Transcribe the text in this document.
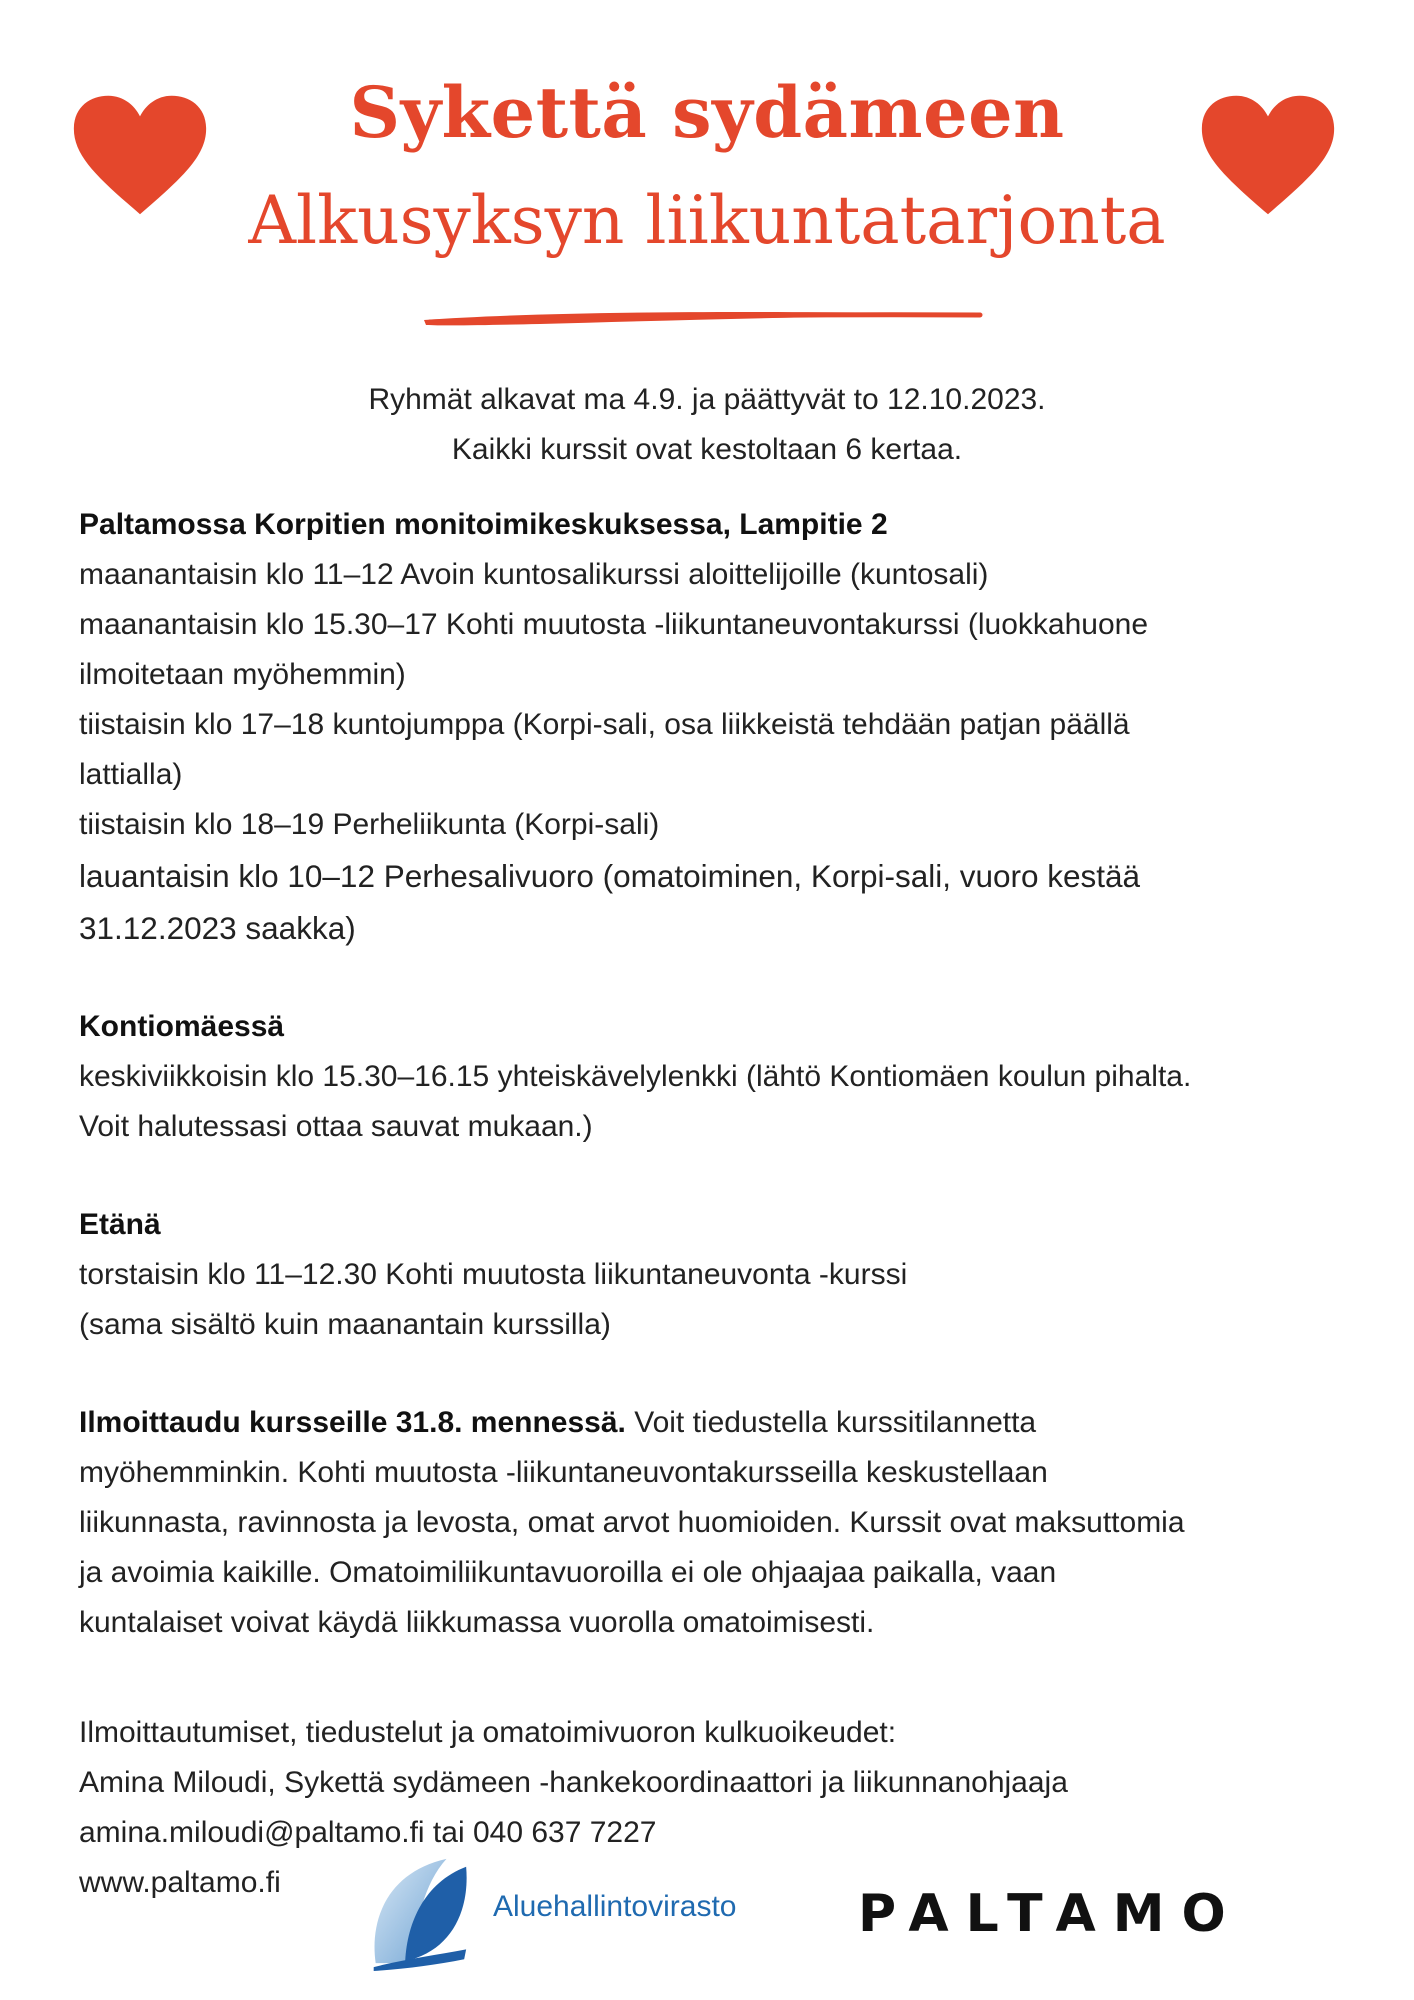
Sykettä sydämeen
Alkusyksyn liikuntatarjonta
Ryhmät alkavat ma 4.9. ja päättyvät to 12.10.2023.
Kaikki kurssit ovat kestoltaan 6 kertaa.

Paltamossa Korpitien monitoimikeskuksessa, Lampitie 2

maanantaisin klo 11–12 Avoin kuntosalikurssi aloittelijoille (kuntosali)

maanantaisin klo 15.30–17 Kohti muutosta -liikuntaneuvontakurssi (luokkahuone

ilmoitetaan myöhemmin)

tiistaisin klo 17–18 kuntojumppa (Korpi-sali, osa liikkeistä tehdään patjan päällä

lattialla)

tiistaisin klo 18–19 Perheliikunta (Korpi-sali)

lauantaisin klo 10–12 Perhesalivuoro (omatoiminen, Korpi-sali, vuoro kestää

31.12.2023 saakka)

Kontiomäessä

keskiviikkoisin klo 15.30–16.15 yhteiskävelylenkki (lähtö Kontiomäen koulun pihalta.

Voit halutessasi ottaa sauvat mukaan.)

Etänä

torstaisin klo 11–12.30 Kohti muutosta liikuntaneuvonta -kurssi

(sama sisältö kuin maanantain kurssilla)

Ilmoittaudu kursseille 31.8. mennessä. Voit tiedustella kurssitilannetta

myöhemminkin. Kohti muutosta -liikuntaneuvontakursseilla keskustellaan

liikunnasta, ravinnosta ja levosta, omat arvot huomioiden. Kurssit ovat maksuttomia

ja avoimia kaikille. Omatoimiliikuntavuoroilla ei ole ohjaajaa paikalla, vaan

kuntalaiset voivat käydä liikkumassa vuorolla omatoimisesti.

Ilmoittautumiset, tiedustelut ja omatoimivuoron kulkuoikeudet:

Amina Miloudi, Sykettä sydämeen -hankekoordinaattori ja liikunnanohjaaja

amina.miloudi@paltamo.fi tai 040 637 7227

www.paltamo.fi

Aluehallintovirasto PALTAMO
